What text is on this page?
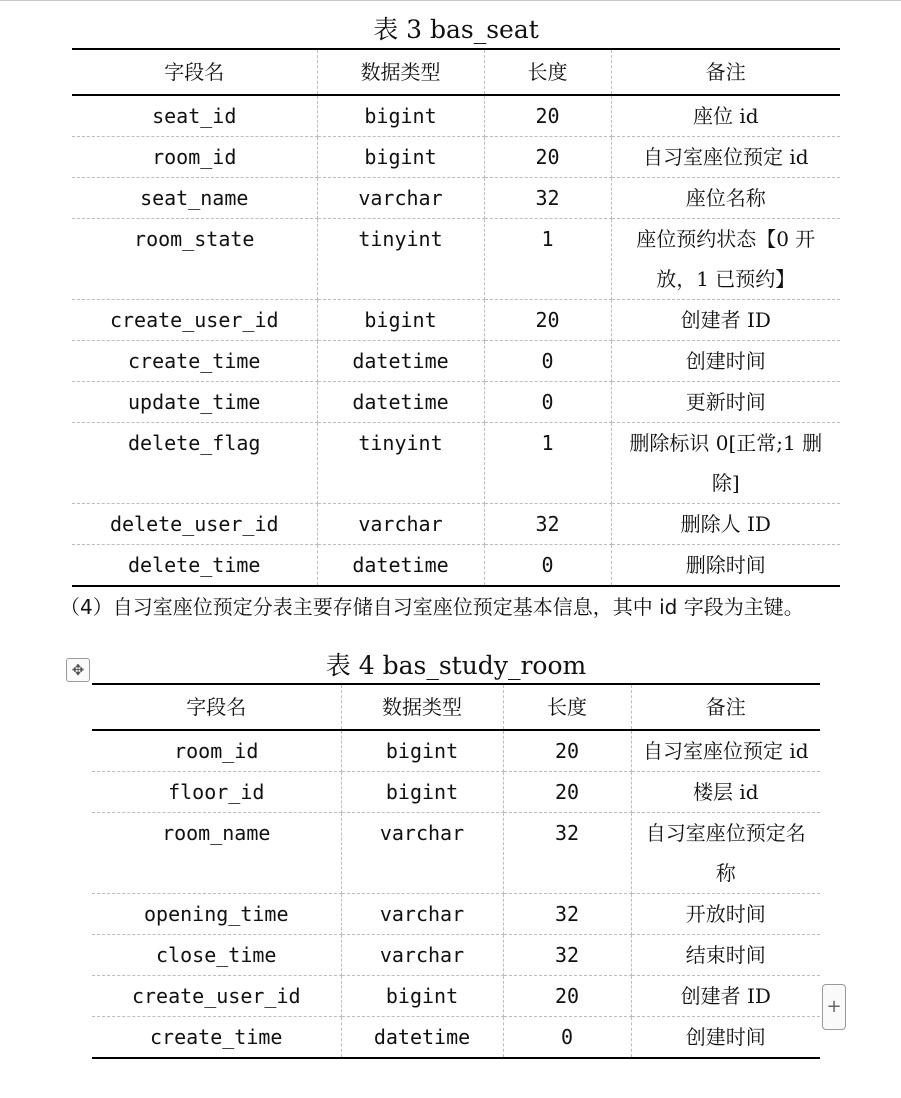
表 3 bas_seat
字段名	数据类型	长度	备注
seat_id	bigint	20	座位 id
room_id	bigint	20	自习室座位预定 id
seat_name	varchar	32	座位名称
room_state	tinyint	1	座位预约状态【0 开放，1 已预约】
create_user_id	bigint	20	创建者 ID
create_time	datetime	0	创建时间
update_time	datetime	0	更新时间
delete_flag	tinyint	1	删除标识 0[正常;1 删除]
delete_user_id	varchar	32	删除人 ID
delete_time	datetime	0	删除时间
（4）自习室座位预定分表主要存储自习室座位预定基本信息，其中 id 字段为主键。
✥	表 4 bas_study_room
字段名	数据类型	长度	备注
room_id	bigint	20	自习室座位预定 id
floor_id	bigint	20	楼层 id
room_name	varchar	32	自习室座位预定名称
opening_time	varchar	32	开放时间
close_time	varchar	32	结束时间
create_user_id	bigint	20	创建者 ID
create_time	datetime	0	创建时间
+
